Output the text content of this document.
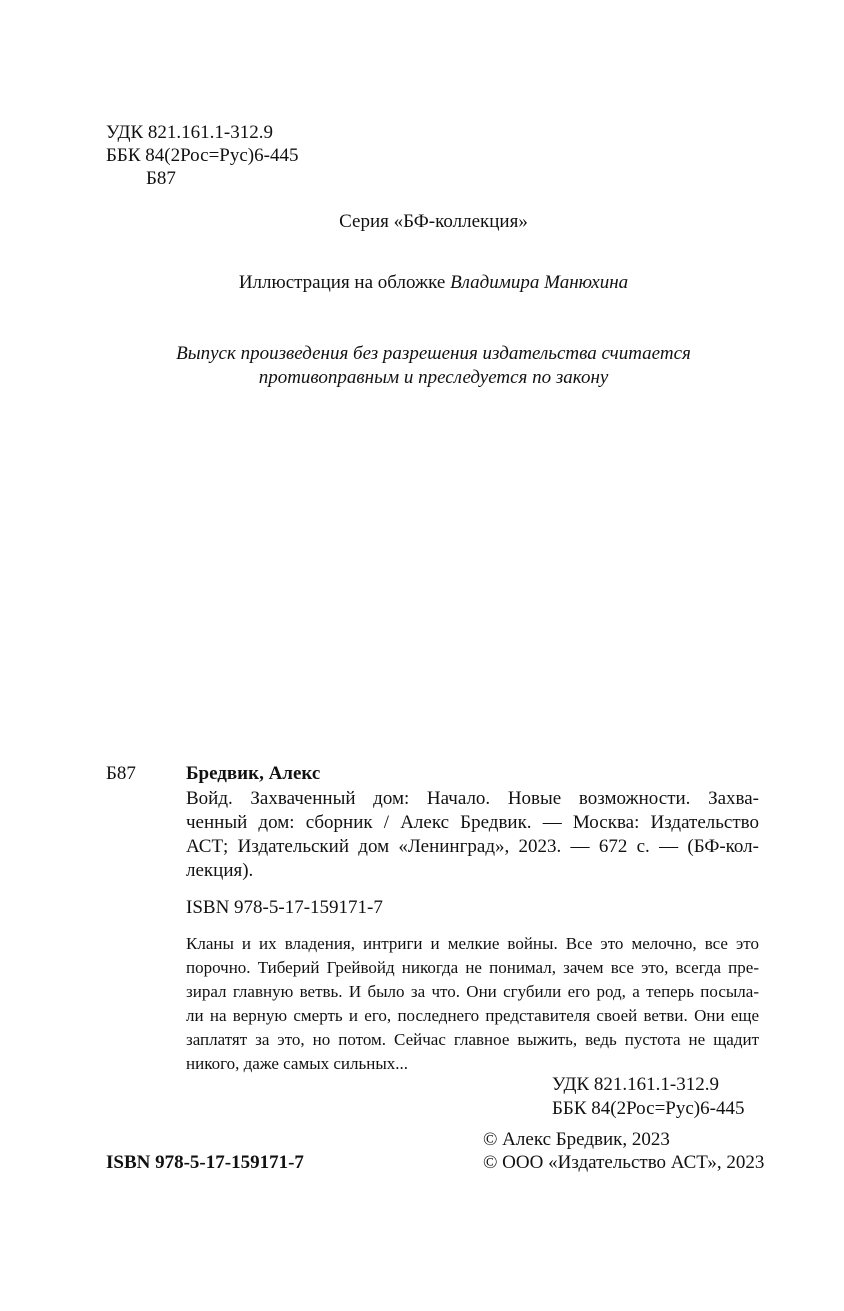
УДК 821.161.1-312.9
ББК 84(2Рос=Рус)6-445
Б87
Серия «БФ-коллекция»
Иллюстрация на обложке Владимира Манюхина
Выпуск произведения без разрешения издательства считается
противоправным и преследуется по закону
Б87	Бредвик, Алекс
Войд. Захваченный дом: Начало. Новые возможности. Захва-
ченный дом: сборник / Алекс Бредвик. — Москва: Издательство
АСТ; Издательский дом «Ленинград», 2023. — 672 с. — (БФ-кол-
лекция).
ISBN 978-5-17-159171-7
Кланы и их владения, интриги и мелкие войны. Все это мелочно, все это
порочно. Тиберий Грейвойд никогда не понимал, зачем все это, всегда пре-
зирал главную ветвь. И было за что. Они сгубили его род, а теперь посыла-
ли на верную смерть и его, последнего представителя своей ветви. Они еще
заплатят за это, но потом. Сейчас главное выжить, ведь пустота не щадит
никого, даже самых сильных...
УДК 821.161.1-312.9
ББК 84(2Рос=Рус)6-445
ISBN 978-5-17-159171-7
© Алекс Бредвик, 2023
© ООО «Издательство АСТ», 2023
